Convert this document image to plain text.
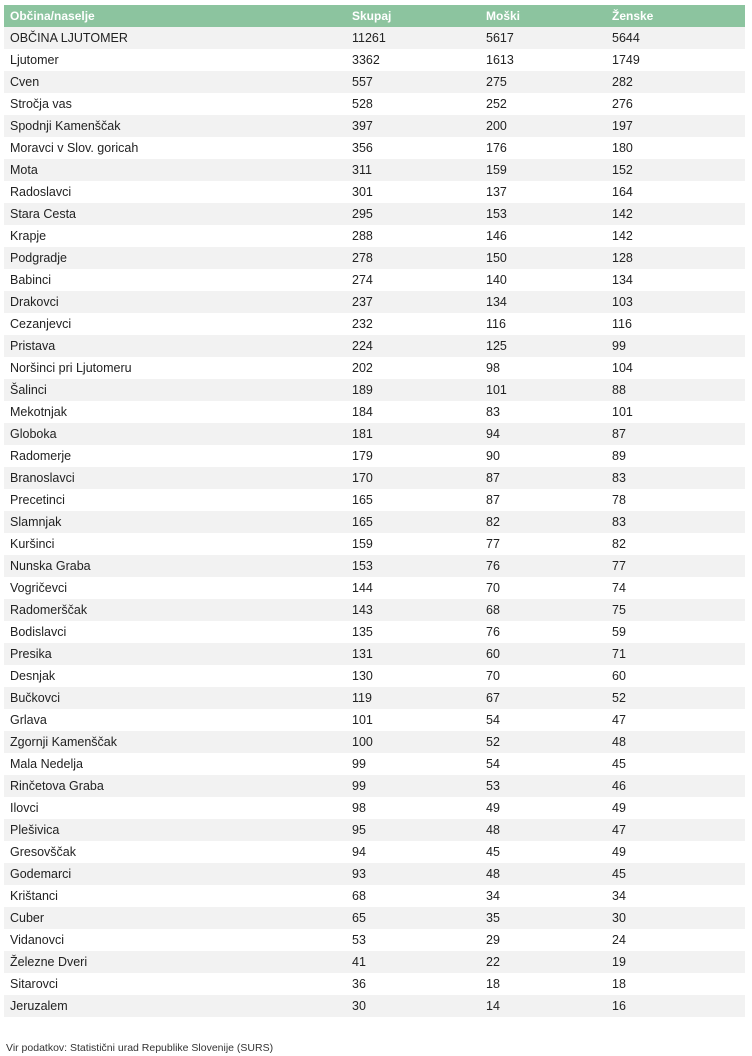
Občina/naselje	Skupaj	Moški	Ženske
OBČINA LJUTOMER	11261	5617	5644
Ljutomer	3362	1613	1749
Cven	557	275	282
Stročja vas	528	252	276
Spodnji Kamenščak	397	200	197
Moravci v Slov. goricah	356	176	180
Mota	311	159	152
Radoslavci	301	137	164
Stara Cesta	295	153	142
Krapje	288	146	142
Podgradje	278	150	128
Babinci	274	140	134
Drakovci	237	134	103
Cezanjevci	232	116	116
Pristava	224	125	99
Noršinci pri Ljutomeru	202	98	104
Šalinci	189	101	88
Mekotnjak	184	83	101
Globoka	181	94	87
Radomerje	179	90	89
Branoslavci	170	87	83
Precetinci	165	87	78
Slamnjak	165	82	83
Kuršinci	159	77	82
Nunska Graba	153	76	77
Vogričevci	144	70	74
Radomerščak	143	68	75
Bodislavci	135	76	59
Presika	131	60	71
Desnjak	130	70	60
Bučkovci	119	67	52
Grlava	101	54	47
Zgornji Kamenščak	100	52	48
Mala Nedelja	99	54	45
Rinčetova Graba	99	53	46
Ilovci	98	49	49
Plešivica	95	48	47
Gresovščak	94	45	49
Godemarci	93	48	45
Krištanci	68	34	34
Cuber	65	35	30
Vidanovci	53	29	24
Železne Dveri	41	22	19
Sitarovci	36	18	18
Jeruzalem	30	14	16
Vir podatkov: Statistični urad Republike Slovenije (SURS)
